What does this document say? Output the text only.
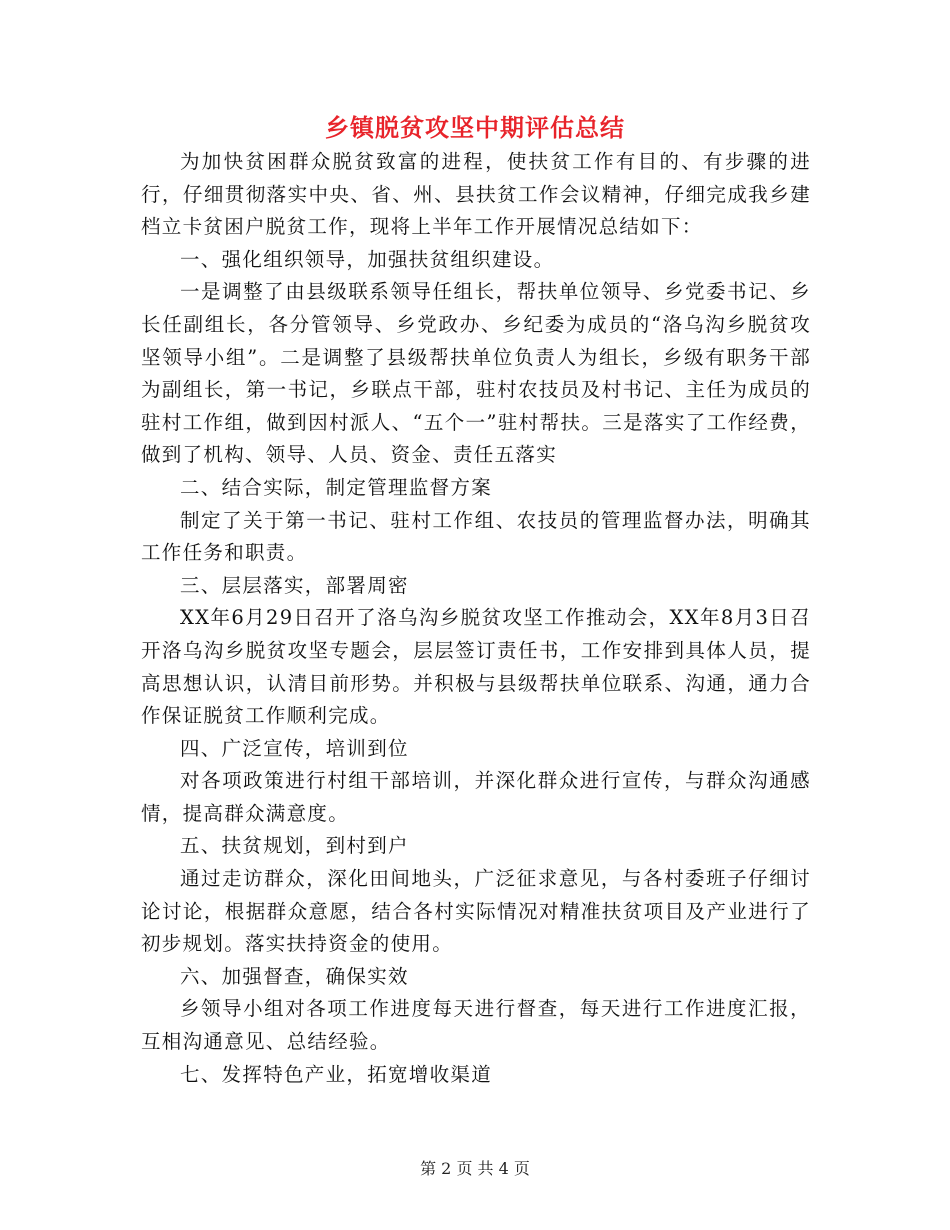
乡镇脱贫攻坚中期评估总结

为加快贫困群众脱贫致富的进程，使扶贫工作有目的、有步骤的进行，仔细贯彻落实中央、省、州、县扶贫工作会议精神，仔细完成我乡建档立卡贫困户脱贫工作，现将上半年工作开展情况总结如下：

一、强化组织领导，加强扶贫组织建设。

一是调整了由县级联系领导任组长，帮扶单位领导、乡党委书记、乡长任副组长，各分管领导、乡党政办、乡纪委为成员的“洛乌沟乡脱贫攻坚领导小组”。二是调整了县级帮扶单位负责人为组长，乡级有职务干部为副组长，第一书记，乡联点干部，驻村农技员及村书记、主任为成员的驻村工作组，做到因村派人、“五个一”驻村帮扶。三是落实了工作经费，做到了机构、领导、人员、资金、责任五落实

二、结合实际，制定管理监督方案

制定了关于第一书记、驻村工作组、农技员的管理监督办法，明确其工作任务和职责。

三、层层落实，部署周密

XX年6月29日召开了洛乌沟乡脱贫攻坚工作推动会，XX年8月3日召开洛乌沟乡脱贫攻坚专题会，层层签订责任书，工作安排到具体人员，提高思想认识，认清目前形势。并积极与县级帮扶单位联系、沟通，通力合作保证脱贫工作顺利完成。

四、广泛宣传，培训到位

对各项政策进行村组干部培训，并深化群众进行宣传，与群众沟通感情，提高群众满意度。

五、扶贫规划，到村到户

通过走访群众，深化田间地头，广泛征求意见，与各村委班子仔细讨论讨论，根据群众意愿，结合各村实际情况对精准扶贫项目及产业进行了初步规划。落实扶持资金的使用。

六、加强督查，确保实效

乡领导小组对各项工作进度每天进行督查，每天进行工作进度汇报，互相沟通意见、总结经验。

七、发挥特色产业，拓宽增收渠道

第 2 页 共 4 页
